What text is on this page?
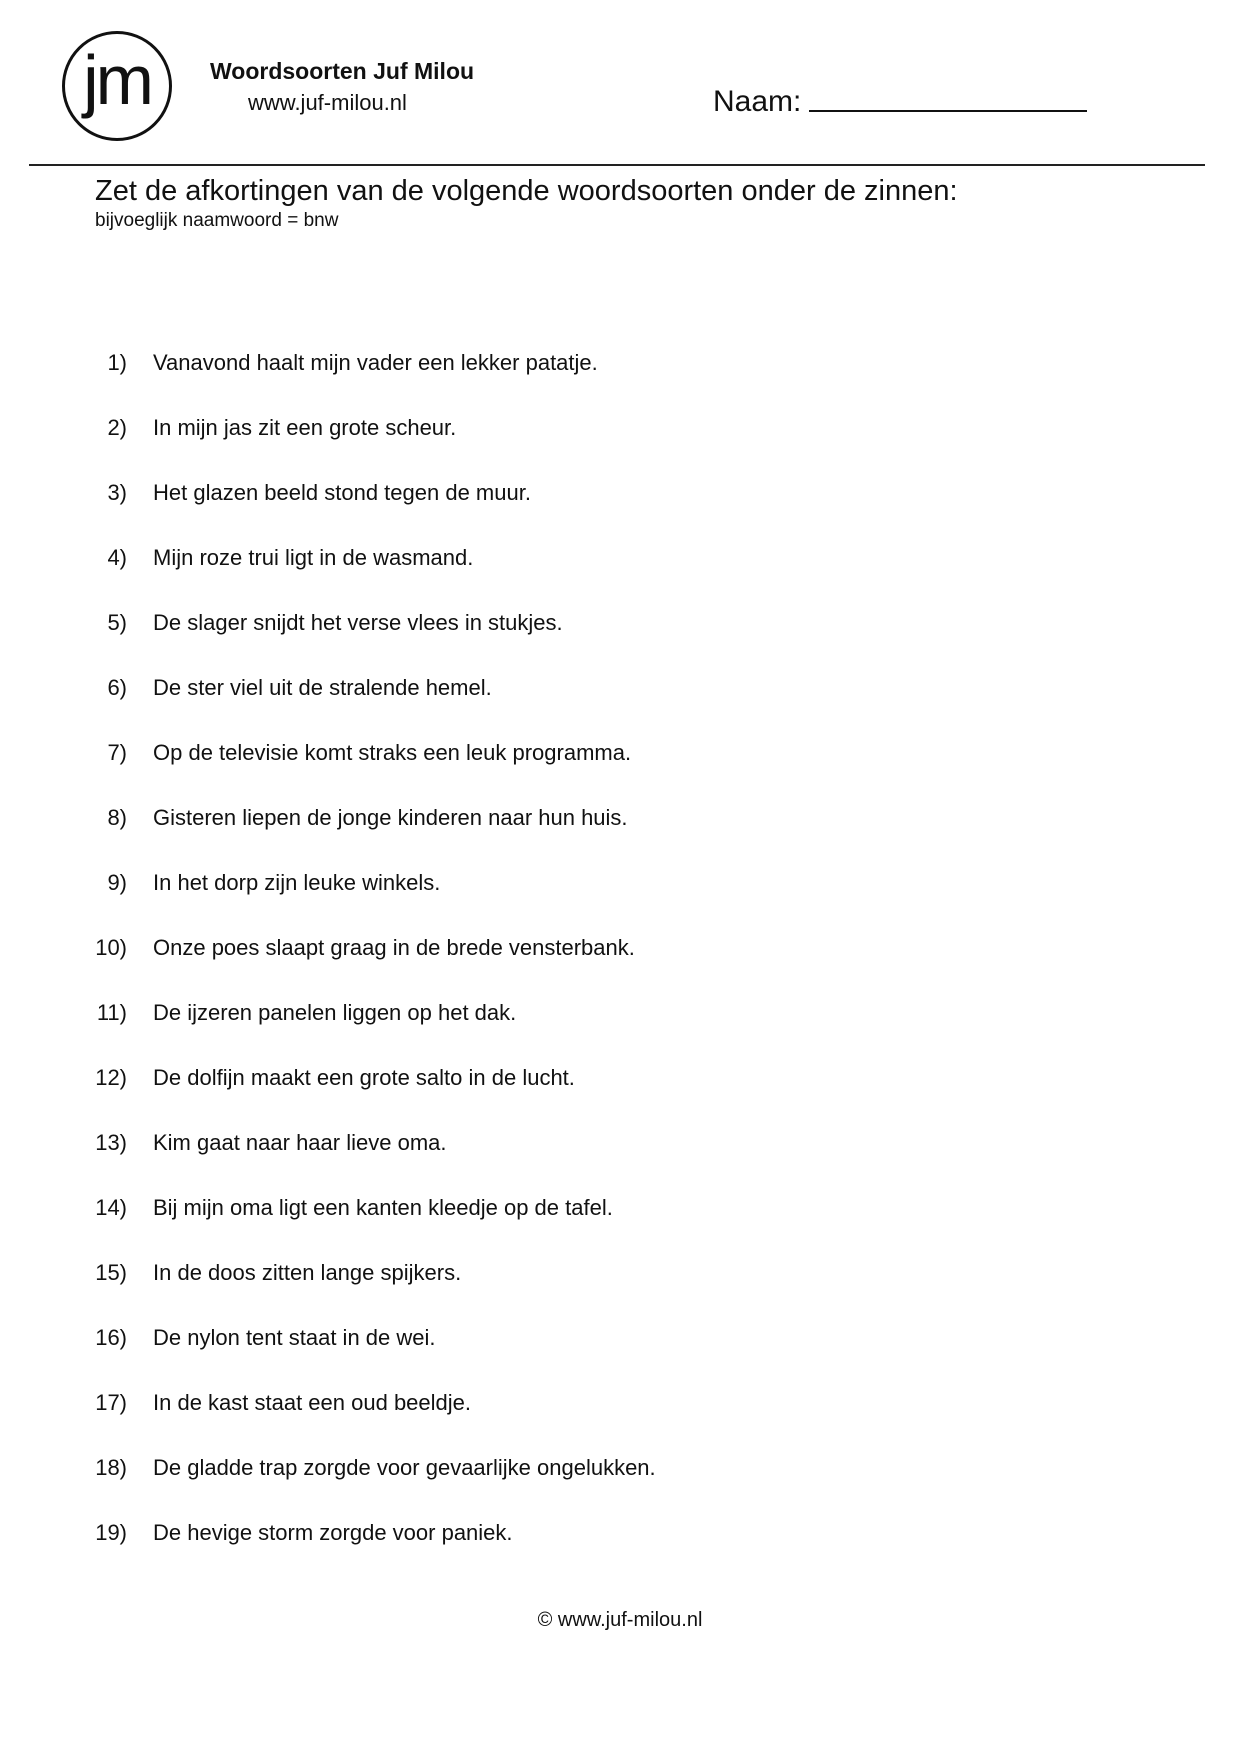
jm	Woordsoorten Juf Milou
www.juf-milou.nl	Naam:
Zet de afkortingen van de volgende woordsoorten onder de zinnen:
bijvoeglijk naamwoord = bnw
1) Vanavond haalt mijn vader een lekker patatje.
2) In mijn jas zit een grote scheur.
3) Het glazen beeld stond tegen de muur.
4) Mijn roze trui ligt in de wasmand.
5) De slager snijdt het verse vlees in stukjes.
6) De ster viel uit de stralende hemel.
7) Op de televisie komt straks een leuk programma.
8) Gisteren liepen de jonge kinderen naar hun huis.
9) In het dorp zijn leuke winkels.
10) Onze poes slaapt graag in de brede vensterbank.
11) De ijzeren panelen liggen op het dak.
12) De dolfijn maakt een grote salto in de lucht.
13) Kim gaat naar haar lieve oma.
14) Bij mijn oma ligt een kanten kleedje op de tafel.
15) In de doos zitten lange spijkers.
16) De nylon tent staat in de wei.
17) In de kast staat een oud beeldje.
18) De gladde trap zorgde voor gevaarlijke ongelukken.
19) De hevige storm zorgde voor paniek.
© www.juf-milou.nl
